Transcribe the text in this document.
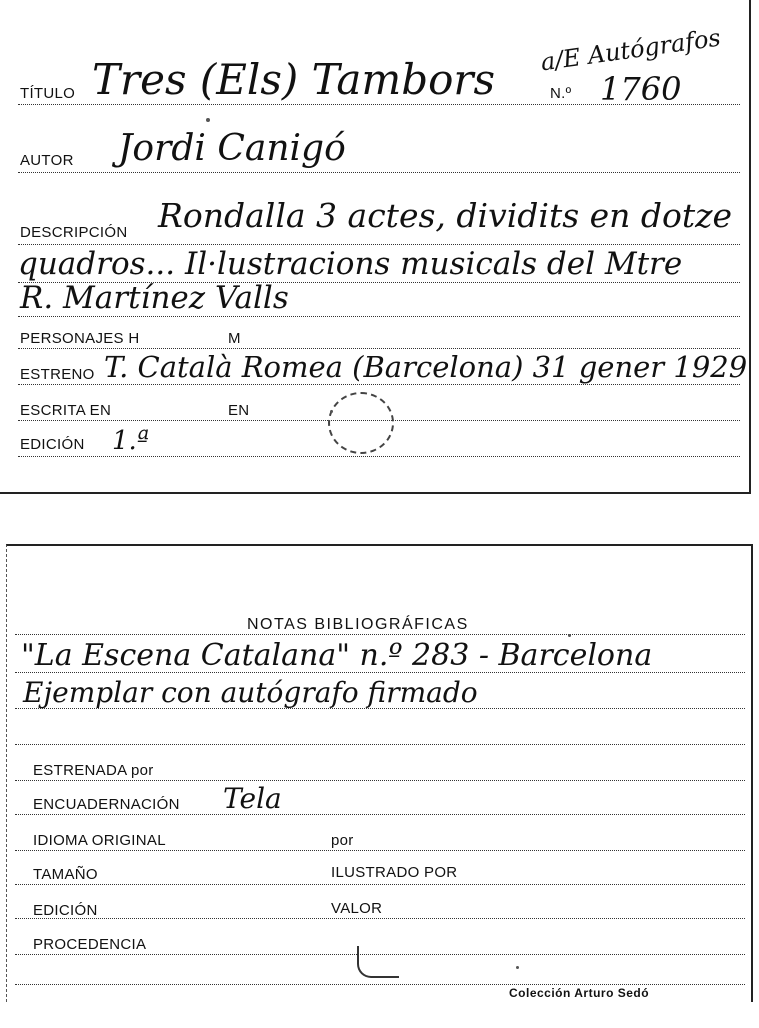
a/E Autógrafos
TÍTULO Tres (Els) Tambors	N.º 1760
AUTOR Jordi Canigó
DESCRIPCIÓN Rondalla 3 actes, dividits en dotze
quadros... Il·lustracions musicals del Mtre
R. Martínez Valls
PERSONAJES H	M
ESTRENO T. Català Romea (Barcelona) 31 gener 1929
ESCRITA EN	EN
EDICIÓN 1.ª
NOTAS BIBLIOGRÁFICAS
"La Escena Catalana" n.º 283 - Barcelona
Ejemplar con autógrafo firmado
ESTRENADA por
ENCUADERNACIÓN Tela
IDIOMA ORIGINAL	por
TAMAÑO	ILUSTRADO POR
EDICIÓN	VALOR
PROCEDENCIA
Colección Arturo Sedó
